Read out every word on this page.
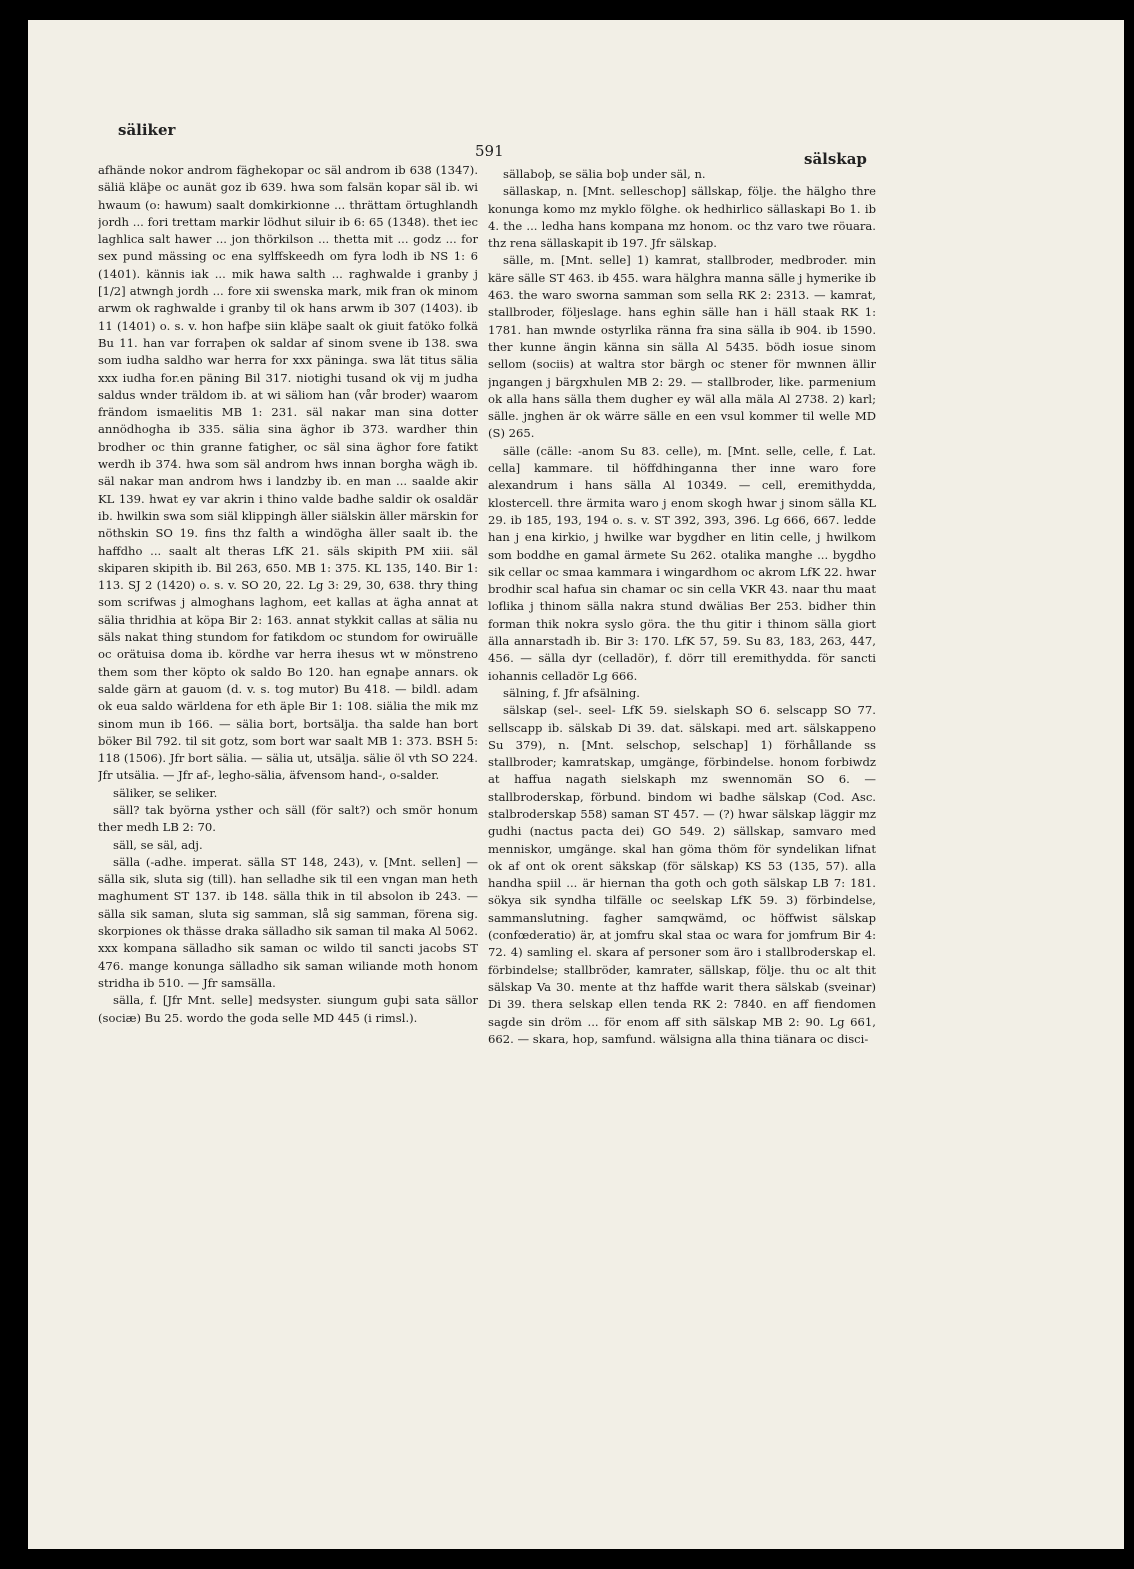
säliker
591	sälskap

afhände nokor androm fäghekopar oc säl androm ib 638 (1347). säliä kläþe oc aunät goz ib 639. hwa som falsän kopar säl ib. wi hwaum (o: hawum) saalt domkirkionne ... thrättam örtughlandh jordh ... fori trettam markir lödhut siluir ib 6: 65 (1348). thet iec laghlica salt hawer ... jon thörkilson ... thetta mit ... godz ... for sex pund mässing oc ena sylffskeedh om fyra lodh ib NS 1: 6 (1401). kännis iak ... mik hawa salth ... raghwalde i granby j [1/2] atwngh jordh ... fore xii swenska mark, mik fran ok minom arwm ok raghwalde i granby til ok hans arwm ib 307 (1403). ib 11 (1401) o. s. v. hon hafþe siin kläþe saalt ok giuit fatöko folkä Bu 11. han var forraþen ok saldar af sinom svene ib 138. swa som iudha saldho war herra for xxx päninga. swa lät titus sälia xxx iudha for.en päning Bil 317. niotighi tusand ok vij m judha saldus wnder träldom ib. at wi säliom han (vår broder) waarom frändom ismaelitis MB 1: 231. säl nakar man sina dotter annödhogha ib 335. sälia sina äghor ib 373. wardher thin brodher oc thin granne fatigher, oc säl sina äghor fore fatikt werdh ib 374. hwa som säl androm hws innan borgha wägh ib. säl nakar man androm hws i landzby ib. en man ... saalde akir KL 139. hwat ey var akrin i thino valde badhe saldir ok osaldär ib. hwilkin swa som siäl klippingh äller siälskin äller märskin for nöthskin SO 19. fins thz falth a windögha äller saalt ib. the haffdho ... saalt alt theras LfK 21. säls skipith PM xiii. säl skiparen skipith ib. Bil 263, 650. MB 1: 375. KL 135, 140. Bir 1: 113. SJ 2 (1420) o. s. v. SO 20, 22. Lg 3: 29, 30, 638. thry thing som scrifwas j almoghans laghom, eet kallas at ägha annat at sälia thridhia at köpa Bir 2: 163. annat stykkit callas at sälia nu säls nakat thing stundom for fatikdom oc stundom for owiruälle oc orätuisa doma ib. kördhe var herra ihesus wt w mönstreno them som ther köpto ok saldo Bo 120. han egnaþe annars. ok salde gärn at gauom (d. v. s. tog mutor) Bu 418. — bildl. adam ok eua saldo wärldena for eth äple Bir 1: 108. siälia the mik mz sinom mun ib 166. — sälia bort, bortsälja. tha salde han bort böker Bil 792. til sit gotz, som bort war saalt MB 1: 373. BSH 5: 118 (1506). Jfr bort sälia. — sälia ut, utsälja. sälie öl vth SO 224. Jfr utsälia. — Jfr af-, legho-sälia, äfvensom hand-, o-salder.

säliker, se seliker.

säll? tak byörna ysther och säll (för salt?) och smör honum ther medh LB 2: 70.

säll, se säl, adj.

sälla (-adhe. imperat. sälla ST 148, 243), v. [Mnt. sellen] — sälla sik, sluta sig (till). han selladhe sik til een vngan man heth maghument ST 137. ib 148. sälla thik in til absolon ib 243. — sälla sik saman, sluta sig samman, slå sig samman, förena sig. skorpiones ok thässe draka sälladho sik saman til maka Al 5062. xxx kompana sälladho sik saman oc wildo til sancti jacobs ST 476. mange konunga sälladho sik saman wiliande moth honom stridha ib 510. — Jfr samsälla.

sälla, f. [Jfr Mnt. selle] medsyster. siungum guþi sata sällor (sociæ) Bu 25. wordo the goda selle MD 445 (i rimsl.).

sällaboþ, se sälia boþ under säl, n.

sällaskap, n. [Mnt. selleschop] sällskap, följe. the hälgho thre konunga komo mz myklo fölghe. ok hedhirlico sällaskapi Bo 1. ib 4. the ... ledha hans kompana mz honom. oc thz varo twe röuara. thz rena sällaskapit ib 197. Jfr sälskap.

sälle, m. [Mnt. selle] 1) kamrat, stallbroder, medbroder. min käre sälle ST 463. ib 455. wara hälghra manna sälle j hymerike ib 463. the waro sworna samman som sella RK 2: 2313. — kamrat, stallbroder, följeslage. hans eghin sälle han i häll staak RK 1: 1781. han mwnde ostyrlika ränna fra sina sälla ib 904. ib 1590. ther kunne ängin känna sin sälla Al 5435. bödh iosue sinom sellom (sociis) at waltra stor bärgh oc stener för mwnnen ällir jngangen j bärgxhulen MB 2: 29. — stallbroder, like. parmenium ok alla hans sälla them dugher ey wäl alla mäla Al 2738. 2) karl; sälle. jnghen är ok wärre sälle en een vsul kommer til welle MD (S) 265.

sälle (cälle: -anom Su 83. celle), m. [Mnt. selle, celle, f. Lat. cella] kammare. til höffdhinganna ther inne waro fore alexandrum i hans sälla Al 10349. — cell, eremithydda, klostercell. thre ärmita waro j enom skogh hwar j sinom sälla KL 29. ib 185, 193, 194 o. s. v. ST 392, 393, 396. Lg 666, 667. ledde han j ena kirkio, j hwilke war bygdher en litin celle, j hwilkom som boddhe en gamal ärmete Su 262. otalika manghe ... bygdho sik cellar oc smaa kammara i wingardhom oc akrom LfK 22. hwar brodhir scal hafua sin chamar oc sin cella VKR 43. naar thu maat loflika j thinom sälla nakra stund dwälias Ber 253. bidher thin forman thik nokra syslo göra. the thu gitir i thinom sälla giort älla annarstadh ib. Bir 3: 170. LfK 57, 59. Su 83, 183, 263, 447, 456. — sälla dyr (celladör), f. dörr till eremithydda. för sancti iohannis celladör Lg 666.

sälning, f. Jfr afsälning.

sälskap (sel-. seel- LfK 59. sielskaph SO 6. selscapp SO 77. sellscapp ib. sälskab Di 39. dat. sälskapi. med art. sälskappeno Su 379), n. [Mnt. selschop, selschap] 1) förhållande ss stallbroder; kamratskap, umgänge, förbindelse. honom forbiwdz at haffua nagath sielskaph mz swennomän SO 6. — stallbroderskap, förbund. bindom wi badhe sälskap (Cod. Asc. stalbroderskap 558) saman ST 457. — (?) hwar sälskap läggir mz gudhi (nactus pacta dei) GO 549. 2) sällskap, samvaro med menniskor, umgänge. skal han göma thöm för syndelikan lifnat ok af ont ok orent säkskap (för sälskap) KS 53 (135, 57). alla handha spiil ... är hiernan tha goth och goth sälskap LB 7: 181. sökya sik syndha tilfälle oc seelskap LfK 59. 3) förbindelse, sammanslutning. fagher samqwämd, oc höffwist sälskap (confœderatio) är, at jomfru skal staa oc wara for jomfrum Bir 4: 72. 4) samling el. skara af personer som äro i stallbroderskap el. förbindelse; stallbröder, kamrater, sällskap, följe. thu oc alt thit sälskap Va 30. mente at thz haffde warit thera sälskab (sveinar) Di 39. thera selskap ellen tenda RK 2: 7840. en aff fiendomen sagde sin dröm ... för enom aff sith sälskap MB 2: 90. Lg 661, 662. — skara, hop, samfund. wälsigna alla thina tiänara oc disci-
